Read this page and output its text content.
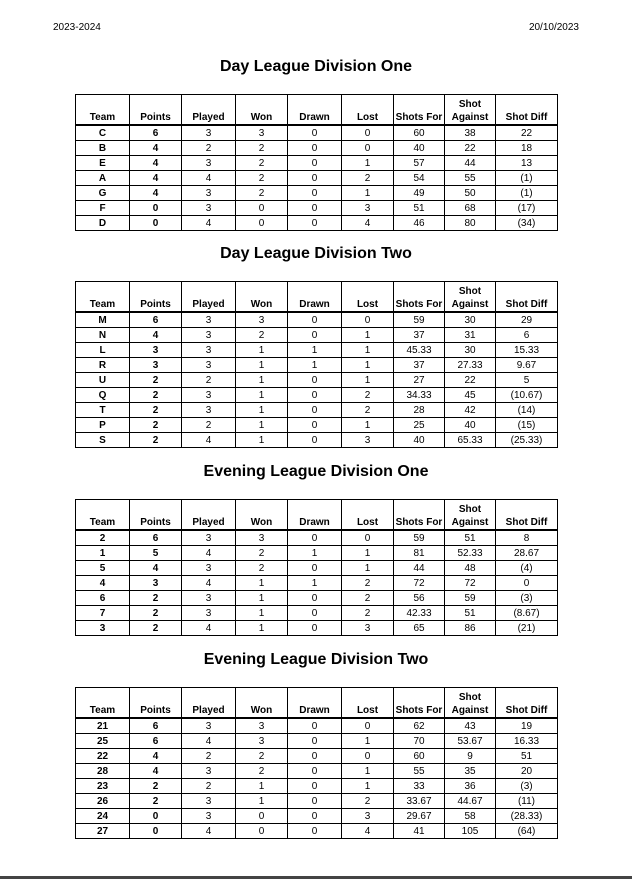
2023-2024	20/10/2023
Day League Division One
Team	Points	Played	Won	Drawn	Lost	Shots For	Shot Against	Shot Diff
C	6	3	3	0	0	60	38	22
B	4	2	2	0	0	40	22	18
E	4	3	2	0	1	57	44	13
A	4	4	2	0	2	54	55	(1)
G	4	3	2	0	1	49	50	(1)
F	0	3	0	0	3	51	68	(17)
D	0	4	0	0	4	46	80	(34)
Day League Division Two
Team	Points	Played	Won	Drawn	Lost	Shots For	Shot Against	Shot Diff
M	6	3	3	0	0	59	30	29
N	4	3	2	0	1	37	31	6
L	3	3	1	1	1	45.33	30	15.33
R	3	3	1	1	1	37	27.33	9.67
U	2	2	1	0	1	27	22	5
Q	2	3	1	0	2	34.33	45	(10.67)
T	2	3	1	0	2	28	42	(14)
P	2	2	1	0	1	25	40	(15)
S	2	4	1	0	3	40	65.33	(25.33)
Evening League Division One
Team	Points	Played	Won	Drawn	Lost	Shots For	Shot Against	Shot Diff
2	6	3	3	0	0	59	51	8
1	5	4	2	1	1	81	52.33	28.67
5	4	3	2	0	1	44	48	(4)
4	3	4	1	1	2	72	72	0
6	2	3	1	0	2	56	59	(3)
7	2	3	1	0	2	42.33	51	(8.67)
3	2	4	1	0	3	65	86	(21)
Evening League Division Two
Team	Points	Played	Won	Drawn	Lost	Shots For	Shot Against	Shot Diff
21	6	3	3	0	0	62	43	19
25	6	4	3	0	1	70	53.67	16.33
22	4	2	2	0	0	60	9	51
28	4	3	2	0	1	55	35	20
23	2	2	1	0	1	33	36	(3)
26	2	3	1	0	2	33.67	44.67	(11)
24	0	3	0	0	3	29.67	58	(28.33)
27	0	4	0	0	4	41	105	(64)
